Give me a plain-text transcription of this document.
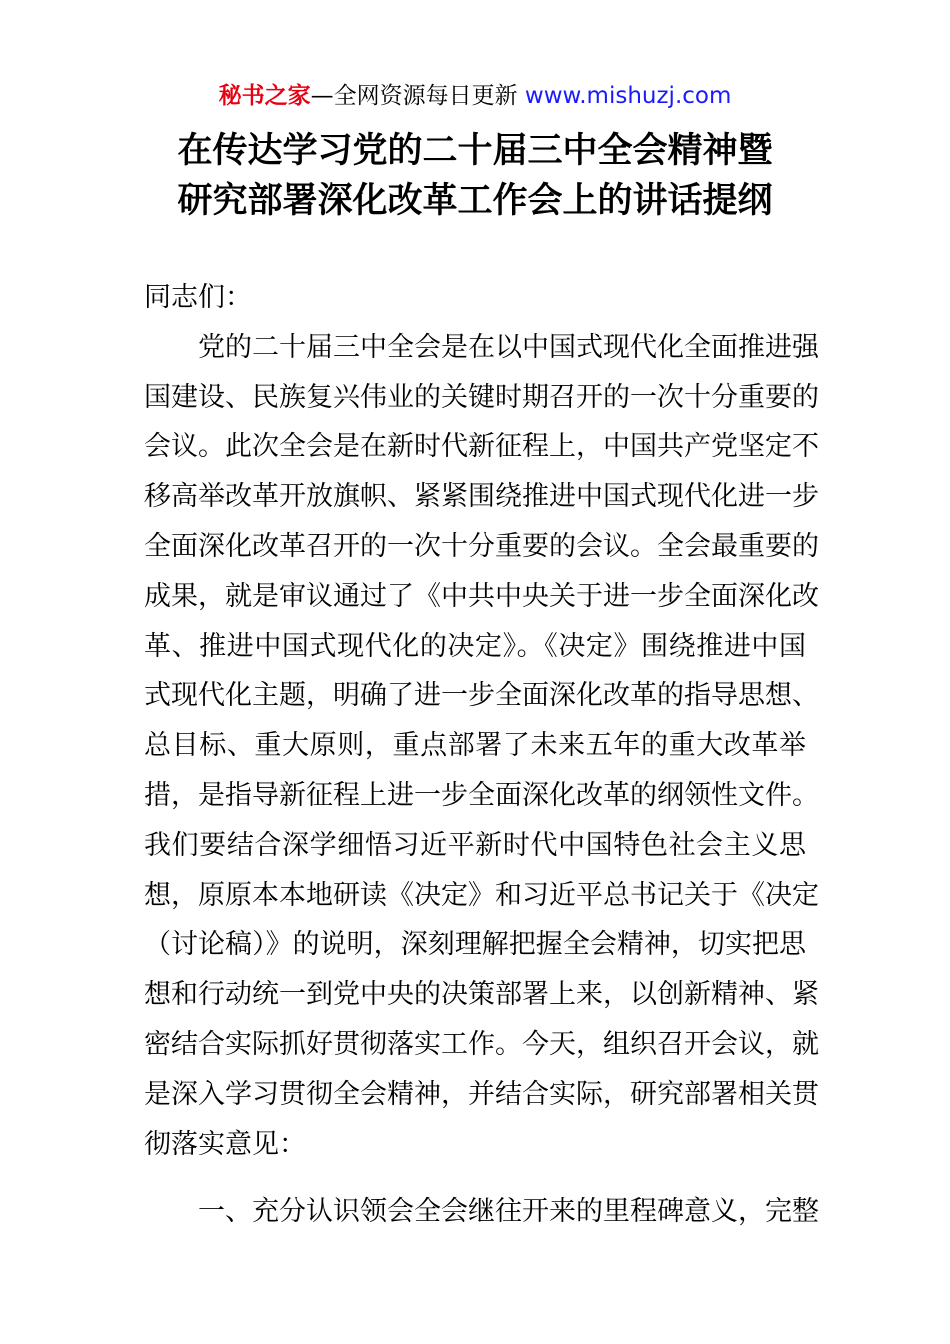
秘书之家—全网资源每日更新 www.mishuzj.com
在传达学习党的二十届三中全会精神暨
研究部署深化改革工作会上的讲话提纲
同志们：
党的二十届三中全会是在以中国式现代化全面推进强
国建设、民族复兴伟业的关键时期召开的一次十分重要的
会议。此次全会是在新时代新征程上，中国共产党坚定不
移高举改革开放旗帜、紧紧围绕推进中国式现代化进一步
全面深化改革召开的一次十分重要的会议。全会最重要的
成果，就是审议通过了《中共中央关于进一步全面深化改
革、推进中国式现代化的决定》。《决定》围绕推进中国
式现代化主题，明确了进一步全面深化改革的指导思想、
总目标、重大原则，重点部署了未来五年的重大改革举
措，是指导新征程上进一步全面深化改革的纲领性文件。
我们要结合深学细悟习近平新时代中国特色社会主义思
想，原原本本地研读《决定》和习近平总书记关于《决定
（讨论稿）》的说明，深刻理解把握全会精神，切实把思
想和行动统一到党中央的决策部署上来，以创新精神、紧
密结合实际抓好贯彻落实工作。今天，组织召开会议，就
是深入学习贯彻全会精神，并结合实际，研究部署相关贯
彻落实意见：
一、充分认识领会全会继往开来的里程碑意义，完整
